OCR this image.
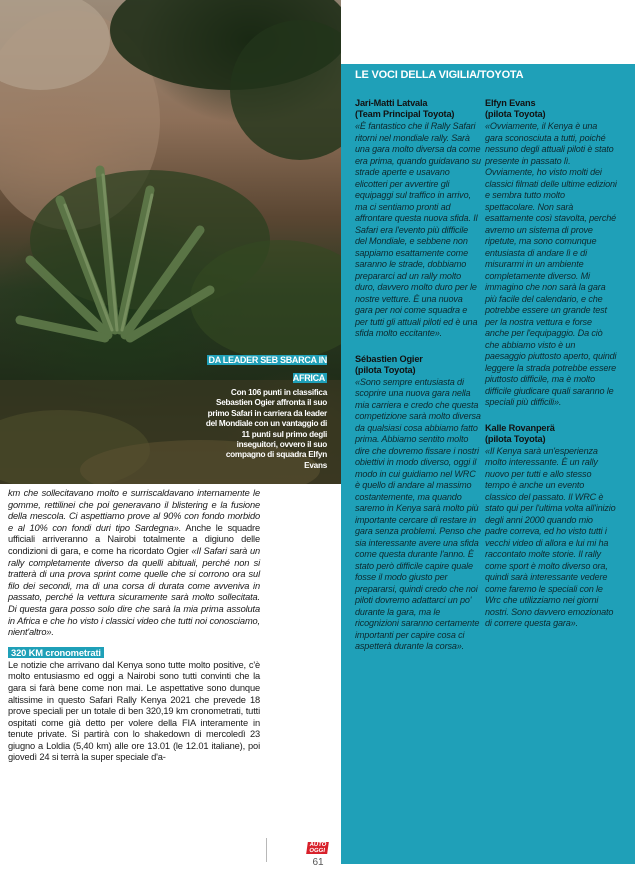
DA LEADER SEB SBARCA IN AFRICA
Con 106 punti in classifica Sebastien Ogier affronta il suo primo Safari in carriera da leader del Mondiale con un vantaggio di 11 punti sul primo degli inseguitori, ovvero il suo compagno di squadra Elfyn Evans

km che sollecitavano molto e surriscaldavano internamente le gomme, rettilinei che poi generavano il blistering e la fusione della mescola. Ci aspettiamo prove al 90% con fondo morbido e al 10% con fondi duri tipo Sardegna». Anche le squadre ufficiali arriveranno a Nairobi totalmente a digiuno delle condizioni di gara, e come ha ricordato Ogier «Il Safari sarà un rally completamente diverso da quelli abituali, perché non si tratterà di una prova sprint come quelle che si corrono ora sul filo dei secondi, ma di una corsa di durata come avveniva in passato, perché la vettura sicuramente sarà molto sollecitata. Di questa gara posso solo dire che sarà la mia prima assoluta in Africa e che ho visto i classici video che tutti noi conosciamo, nient'altro».

320 KM cronometrati

Le notizie che arrivano dal Kenya sono tutte molto positive, c'è molto entusiasmo ed oggi a Nairobi sono tutti convinti che la gara si farà bene come non mai. Le aspettative sono dunque altissime in questo Safari Rally Kenya 2021 che prevede 18 prove speciali per un totale di ben 320,19 km cronometrati, tutti ospitati come già detto per volere della FIA interamente in tenute private. Si partirà con lo shakedown di mercoledì 23 giugno a Loldia (5,40 km) alle ore 13.01 (le 12.01 italiane), poi giovedì 24 si terrà la super speciale d'a-

LE VOCI DELLA VIGILIA/TOYOTA
Jari-Matti Latvala
(Team Principal Toyota)

«È fantastico che il Rally Safari ritorni nel mondiale rally. Sarà una gara molto diversa da come era prima, quando guidavano su strade aperte e usavano elicotteri per avvertire gli equipaggi sul traffico in arrivo, ma ci sentiamo pronti ad affrontare questa nuova sfida. Il Safari era l'evento più difficile del Mondiale, e sebbene non sappiamo esattamente come saranno le strade, dobbiamo prepararci ad un rally molto duro, davvero molto duro per le nostre vetture. È una nuova gara per noi come squadra e per tutti gli attuali piloti ed è una sfida molto eccitante».

Sébastien Ogier
(pilota Toyota)

«Sono sempre entusiasta di scoprire una nuova gara nella mia carriera e credo che questa competizione sarà molto diversa da qualsiasi cosa abbiamo fatto prima. Abbiamo sentito molto dire che dovremo fissare i nostri obiettivi in modo diverso, oggi il modo in cui guidiamo nel WRC è quello di andare al massimo costantemente, ma quando saremo in Kenya sarà molto più importante cercare di restare in gara senza problemi. Penso che sia interessante avere una sfida come questa durante l'anno. È stato però difficile capire quale fosse il modo giusto per prepararsi, quindi credo che noi piloti dovremo adattarci un po' durante la gara, ma le ricognizioni saranno certamente importanti per capire cosa ci aspetterà durante la corsa».

Elfyn Evans
(pilota Toyota)

«Ovviamente, il Kenya è una gara sconosciuta a tutti, poiché nessuno degli attuali piloti è stato presente in passato lì. Ovviamente, ho visto molti dei classici filmati delle ultime edizioni e sembra tutto molto spettacolare. Non sarà esattamente così stavolta, perché avremo un sistema di prove ripetute, ma sono comunque entusiasta di andare lì e di misurarmi in un ambiente completamente diverso. Mi immagino che non sarà la gara più facile del calendario, e che potrebbe essere un grande test per la nostra vettura e forse anche per l'equipaggio. Da ciò che abbiamo visto è un paesaggio piuttosto aperto, quindi leggere la strada potrebbe essere piuttosto difficile, ma è molto difficile giudicare quali saranno le speciali più difficili».

Kalle Rovanperä
(pilota Toyota)

«Il Kenya sarà un'esperienza molto interessante. È un rally nuovo per tutti e allo stesso tempo è anche un evento classico del passato. Il WRC è stato qui per l'ultima volta all'inizio degli anni 2000 quando mio padre correva, ed ho visto tutti i vecchi video di allora e lui mi ha raccontato molte storie. Il rally come sport è molto diverso ora, quindi sarà interessante vedere come faremo le speciali con le Wrc che utilizziamo nei giorni nostri. Sono davvero emozionato di correre questa gara».

AUTO
OGGI
61
